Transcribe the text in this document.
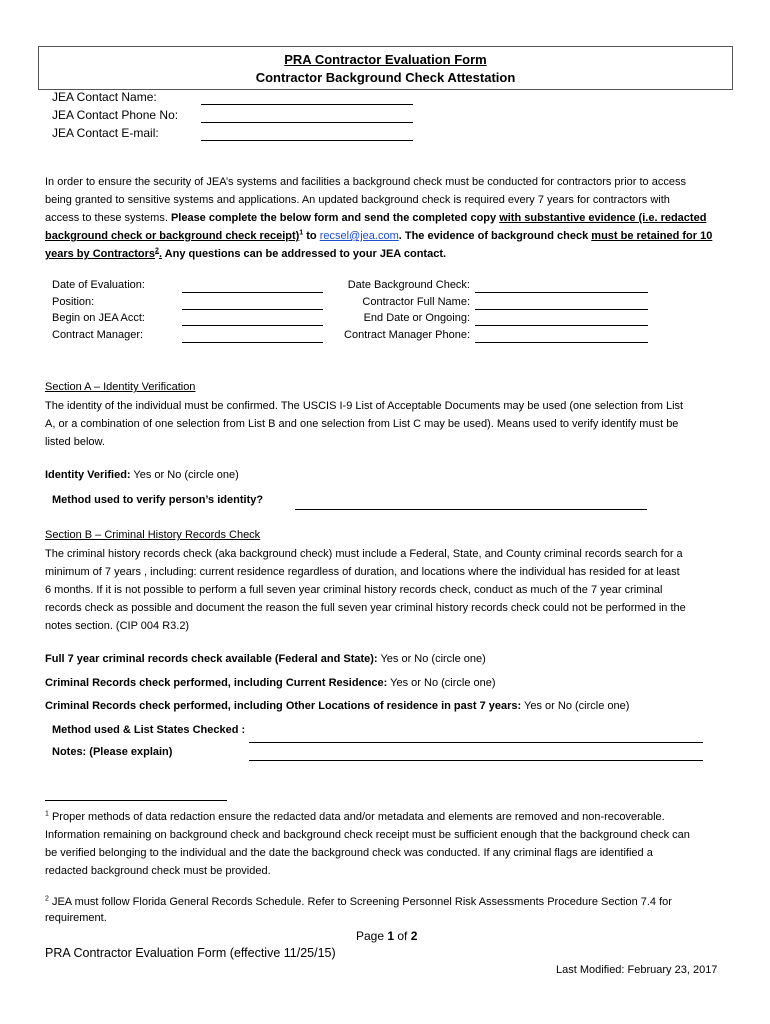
PRA Contractor Evaluation Form
Contractor Background Check Attestation
JEA Contact Name:
JEA Contact Phone No:
JEA Contact E-mail:
In order to ensure the security of JEA’s systems and facilities a background check must be conducted for contractors prior to access
being granted to sensitive systems and applications. An updated background check is required every 7 years for contractors with
access to these systems. Please complete the below form and send the completed copy with substantive evidence (i.e. redacted
background check or background check receipt)$^1$ to recsel@jea.com. The evidence of background check must be retained for 10
years by Contractors$^2$. Any questions can be addressed to your JEA contact.
Date of Evaluation:
Position:
Begin on JEA Acct:
Contract Manager:
Date Background Check:
Contractor Full Name:
End Date or Ongoing:
Contract Manager Phone:
Section A – Identity Verification
The identity of the individual must be confirmed. The USCIS I-9 List of Acceptable Documents may be used (one selection from List
A, or a combination of one selection from List B and one selection from List C may be used). Means used to verify identify must be
listed below.
Identity Verified: Yes or No (circle one)
Method used to verify person’s identity?
Section B – Criminal History Records Check
The criminal history records check (aka background check) must include a Federal, State, and County criminal records search for a
minimum of 7 years , including: current residence regardless of duration, and locations where the individual has resided for at least
6 months. If it is not possible to perform a full seven year criminal history records check, conduct as much of the 7 year criminal
records check as possible and document the reason the full seven year criminal history records check could not be performed in the
notes section. (CIP 004 R3.2)
Full 7 year criminal records check available (Federal and State): Yes or No (circle one)
Criminal Records check performed, including Current Residence: Yes or No (circle one)
Criminal Records check performed, including Other Locations of residence in past 7 years: Yes or No (circle one)
Method used & List States Checked :
Notes: (Please explain)
$^1$ Proper methods of data redaction ensure the redacted data and/or metadata and elements are removed and non-recoverable.
Information remaining on background check and background check receipt must be sufficient enough that the background check can
be verified belonging to the individual and the date the background check was conducted. If any criminal flags are identified a
redacted background check must be provided.
$^2$ JEA must follow Florida General Records Schedule. Refer to Screening Personnel Risk Assessments Procedure Section 7.4 for
requirement.
Page 1 of 2
PRA Contractor Evaluation Form (effective 11/25/15)
Last Modified: February 23, 2017
